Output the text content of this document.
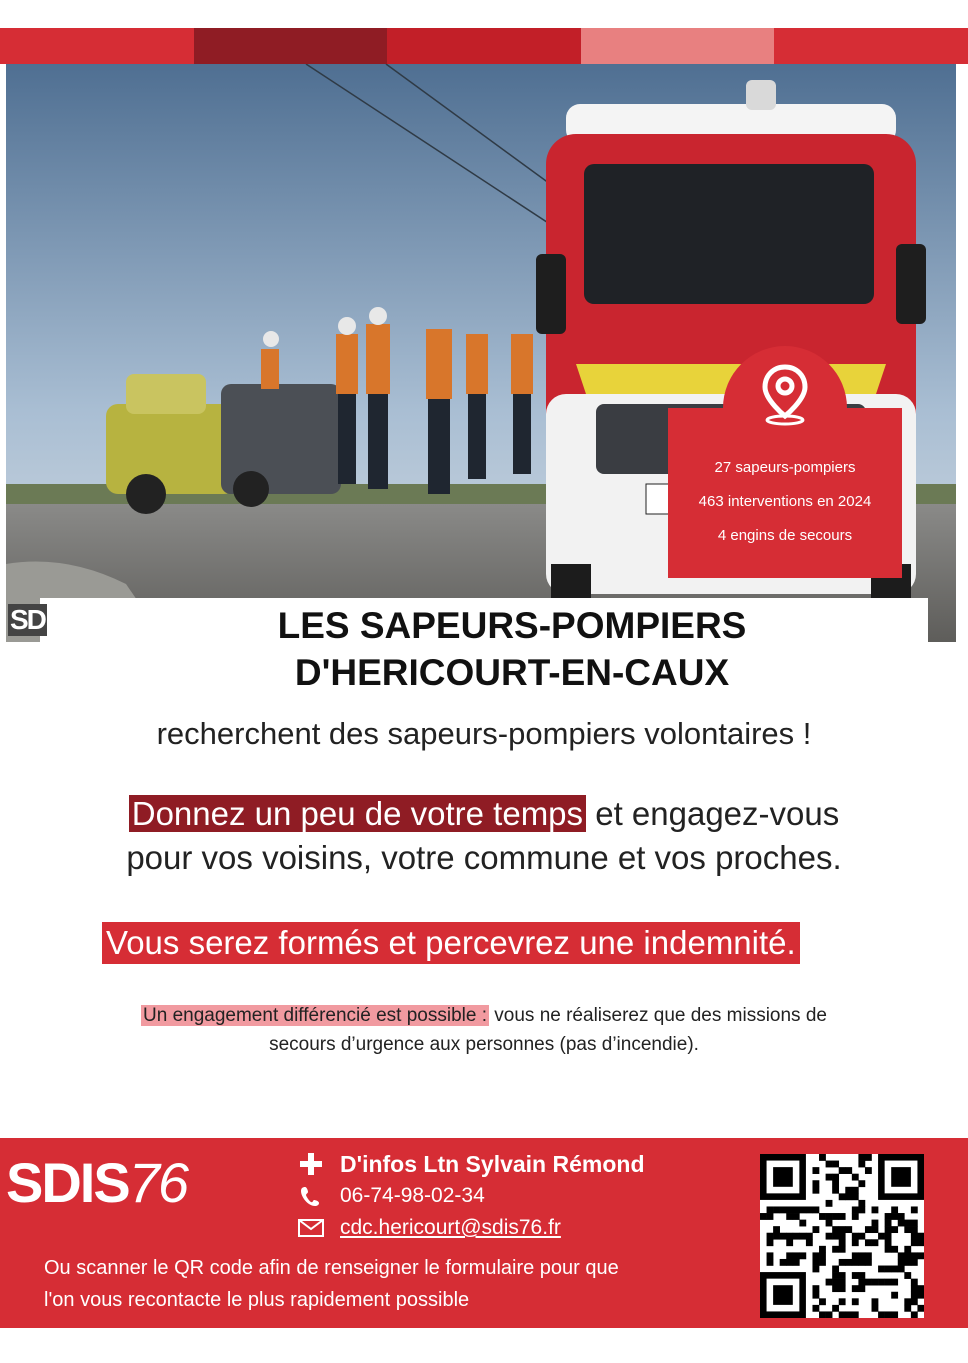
27 sapeurs-pompiers

463 interventions en 2024

4 engins de secours

SD	LES SAPEURS-POMPIERS
D'HERICOURT-EN-CAUX
recherchent des sapeurs-pompiers volontaires !
Donnez un peu de votre temps et engagez-vous
pour vos voisins, votre commune et vos proches.
Vous serez formés et percevrez une indemnité.
Un engagement différencié est possible : vous ne réaliserez que des missions de
secours d’urgence aux personnes (pas d’incendie).
SDIS76	D'infos Ltn Sylvain Rémond
06-74-98-02-34
cdc.hericourt@sdis76.fr
Ou scanner le QR code afin de renseigner le formulaire pour que
l'on vous recontacte le plus rapidement possible
